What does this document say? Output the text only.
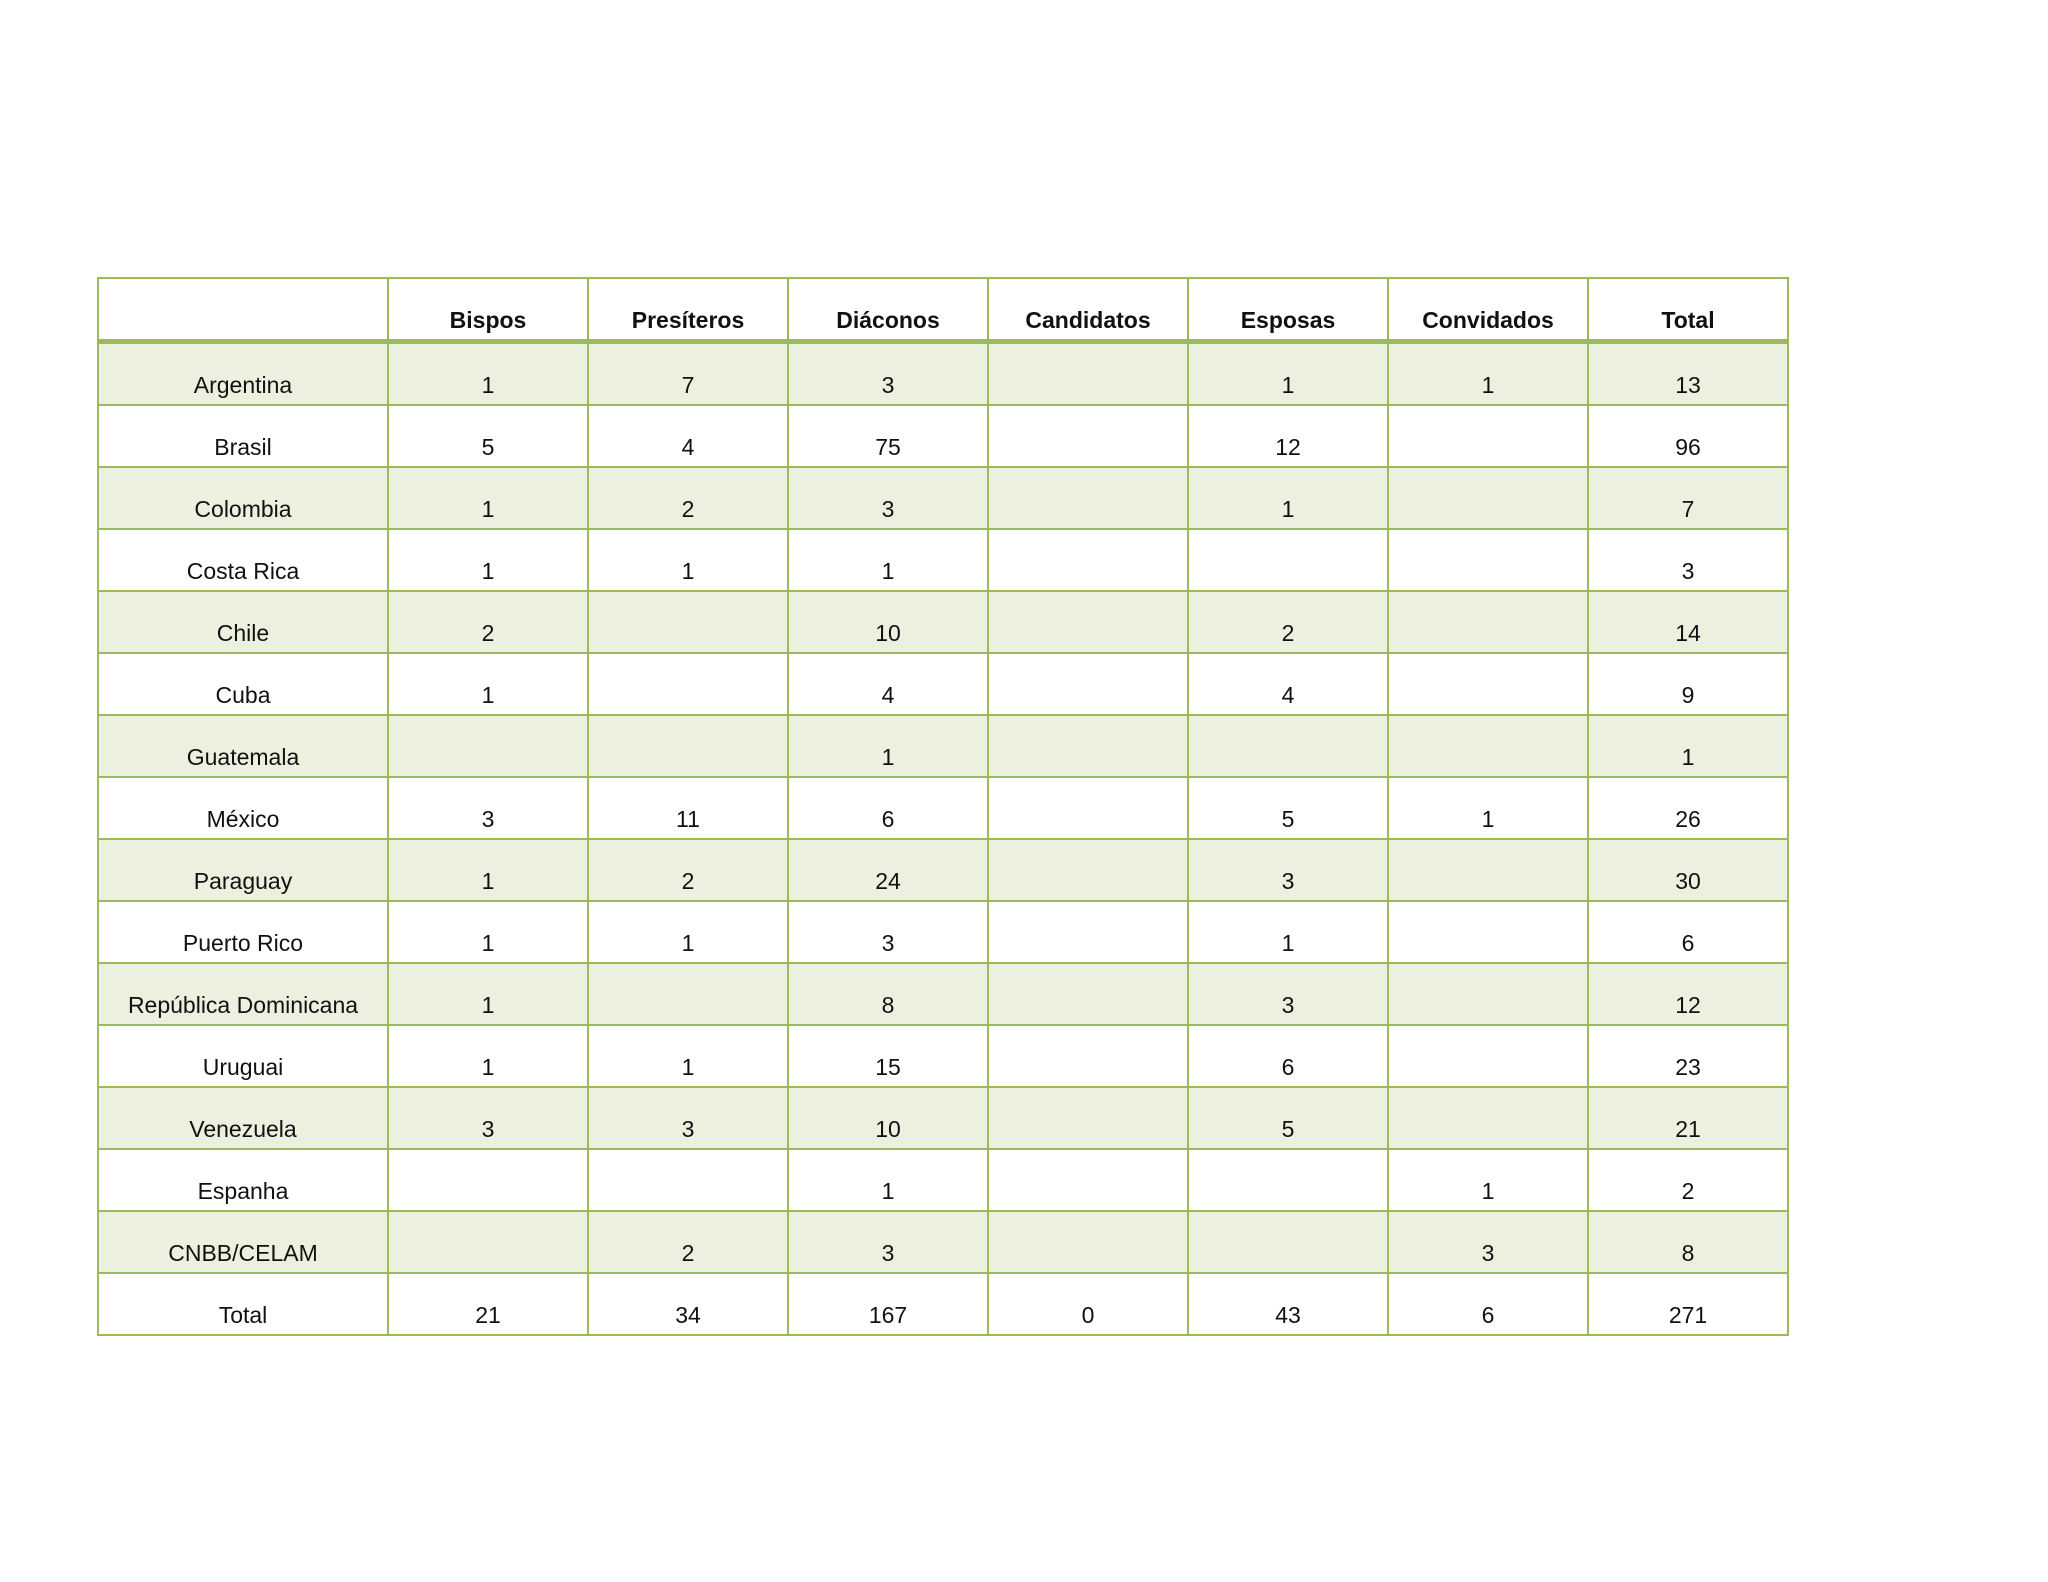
	Bispos	Presíteros	Diáconos	Candidatos	Esposas	Convidados	Total
Argentina	1	7	3		1	1	13
Brasil	5	4	75		12		96
Colombia	1	2	3		1		7
Costa Rica	1	1	1				3
Chile	2		10		2		14
Cuba	1		4		4		9
Guatemala			1				1
México	3	11	6		5	1	26
Paraguay	1	2	24		3		30
Puerto Rico	1	1	3		1		6
República Dominicana	1		8		3		12
Uruguai	1	1	15		6		23
Venezuela	3	3	10		5		21
Espanha			1			1	2
CNBB/CELAM		2	3			3	8
Total	21	34	167	0	43	6	271
